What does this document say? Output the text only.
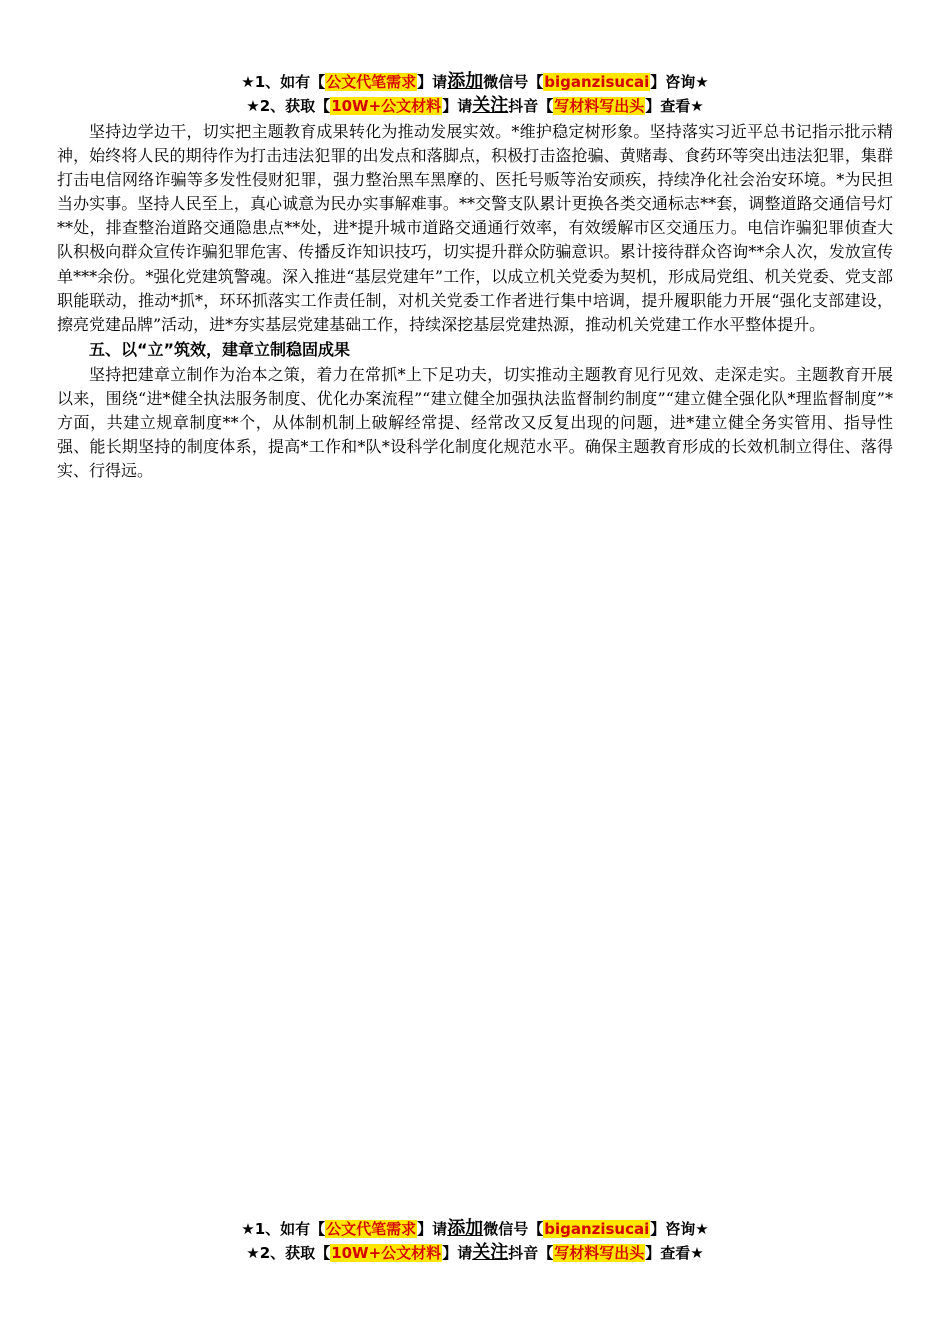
★1、如有【公文代笔需求】请添加微信号【biganzisucai】咨询★
★2、获取【10W+公文材料】请关注抖音【写材料写出头】查看★

坚持边学边干，切实把主题教育成果转化为推动发展实效。*维护稳定树形象。坚持落实习近平总书记指示批示精神，始终将人民的期待作为打击违法犯罪的出发点和落脚点，积极打击盗抢骗、黄赌毒、食药环等突出违法犯罪，集群打击电信网络诈骗等多发性侵财犯罪，强力整治黑车黑摩的、医托号贩等治安顽疾，持续净化社会治安环境。*为民担当办实事。坚持人民至上，真心诚意为民办实事解难事。**交警支队累计更换各类交通标志**套，调整道路交通信号灯**处，排查整治道路交通隐患点**处，进*提升城市道路交通通行效率，有效缓解市区交通压力。电信诈骗犯罪侦查大队积极向群众宣传诈骗犯罪危害、传播反诈知识技巧，切实提升群众防骗意识。累计接待群众咨询**余人次，发放宣传单***余份。*强化党建筑警魂。深入推进“基层党建年”工作，以成立机关党委为契机，形成局党组、机关党委、党支部职能联动，推动*抓*，环环抓落实工作责任制，对机关党委工作者进行集中培调，提升履职能力开展“强化支部建设，擦亮党建品牌”活动，进*夯实基层党建基础工作，持续深挖基层党建热源，推动机关党建工作水平整体提升。

五、以“立”筑效，建章立制稳固成果

坚持把建章立制作为治本之策，着力在常抓*上下足功夫，切实推动主题教育见行见效、走深走实。主题教育开展以来，围绕“进*健全执法服务制度、优化办案流程”“建立健全加强执法监督制约制度”“建立健全强化队*理监督制度”*方面，共建立规章制度**个，从体制机制上破解经常提、经常改又反复出现的问题，进*建立健全务实管用、指导性强、能长期坚持的制度体系，提高*工作和*队*设科学化制度化规范水平。确保主题教育形成的长效机制立得住、落得实、行得远。

★1、如有【公文代笔需求】请添加微信号【biganzisucai】咨询★
★2、获取【10W+公文材料】请关注抖音【写材料写出头】查看★
